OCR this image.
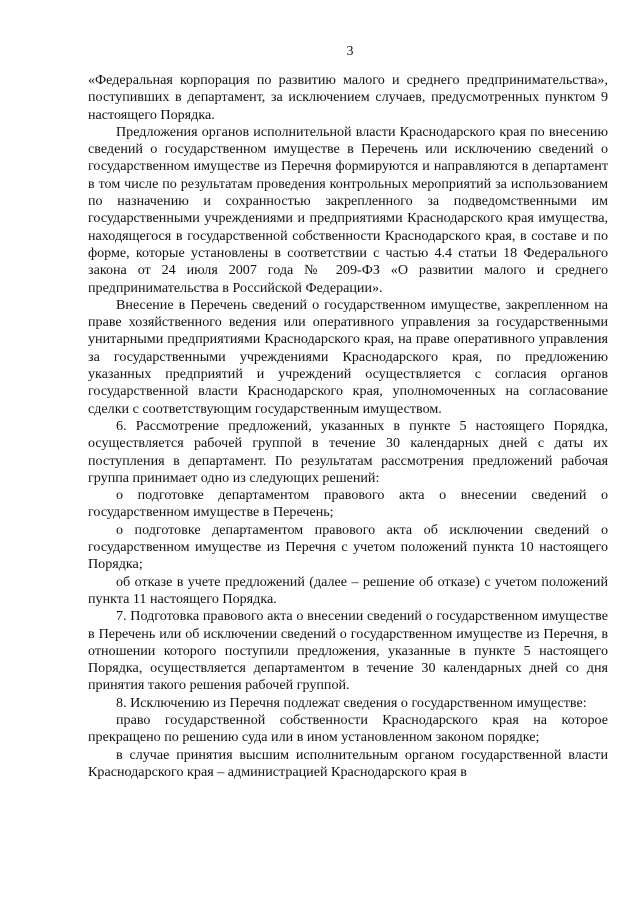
3

«Федеральная корпорация по развитию малого и среднего предпринимательства», поступивших в департамент, за исключением случаев, предусмотренных пунктом 9 настоящего Порядка.

Предложения органов исполнительной власти Краснодарского края по внесению сведений о государственном имуществе в Перечень или исключению сведений о государственном имуществе из Перечня формируются и направляются в департамент в том числе по результатам проведения контрольных мероприятий за использованием по назначению и сохранностью закрепленного за подведомственными им государственными учреждениями и предприятиями Краснодарского края имущества, находящегося в государственной собственности Краснодарского края, в составе и по форме, которые установлены в соответствии с частью 4.4 статьи 18 Федерального закона от 24 июля 2007 года № 209-ФЗ «О развитии малого и среднего предпринимательства в Российской Федерации».

Внесение в Перечень сведений о государственном имуществе, закрепленном на праве хозяйственного ведения или оперативного управления за государственными унитарными предприятиями Краснодарского края, на праве оперативного управления за государственными учреждениями Краснодарского края, по предложению указанных предприятий и учреждений осуществляется с согласия органов государственной власти Краснодарского края, уполномоченных на согласование сделки с соответствующим государственным имуществом.

6. Рассмотрение предложений, указанных в пункте 5 настоящего Порядка, осуществляется рабочей группой в течение 30 календарных дней с даты их поступления в департамент. По результатам рассмотрения предложений рабочая группа принимает одно из следующих решений:

о подготовке департаментом правового акта о внесении сведений о государственном имуществе в Перечень;

о подготовке департаментом правового акта об исключении сведений о государственном имуществе из Перечня с учетом положений пункта 10 настоящего Порядка;

об отказе в учете предложений (далее – решение об отказе) с учетом положений пункта 11 настоящего Порядка.

7. Подготовка правового акта о внесении сведений о государственном имуществе в Перечень или об исключении сведений о государственном имуществе из Перечня, в отношении которого поступили предложения, указанные в пункте 5 настоящего Порядка, осуществляется департаментом в течение 30 календарных дней со дня принятия такого решения рабочей группой.

8. Исключению из Перечня подлежат сведения о государственном имуществе:

право государственной собственности Краснодарского края на которое прекращено по решению суда или в ином установленном законом порядке;

в случае принятия высшим исполнительным органом государственной власти Краснодарского края – администрацией Краснодарского края в
